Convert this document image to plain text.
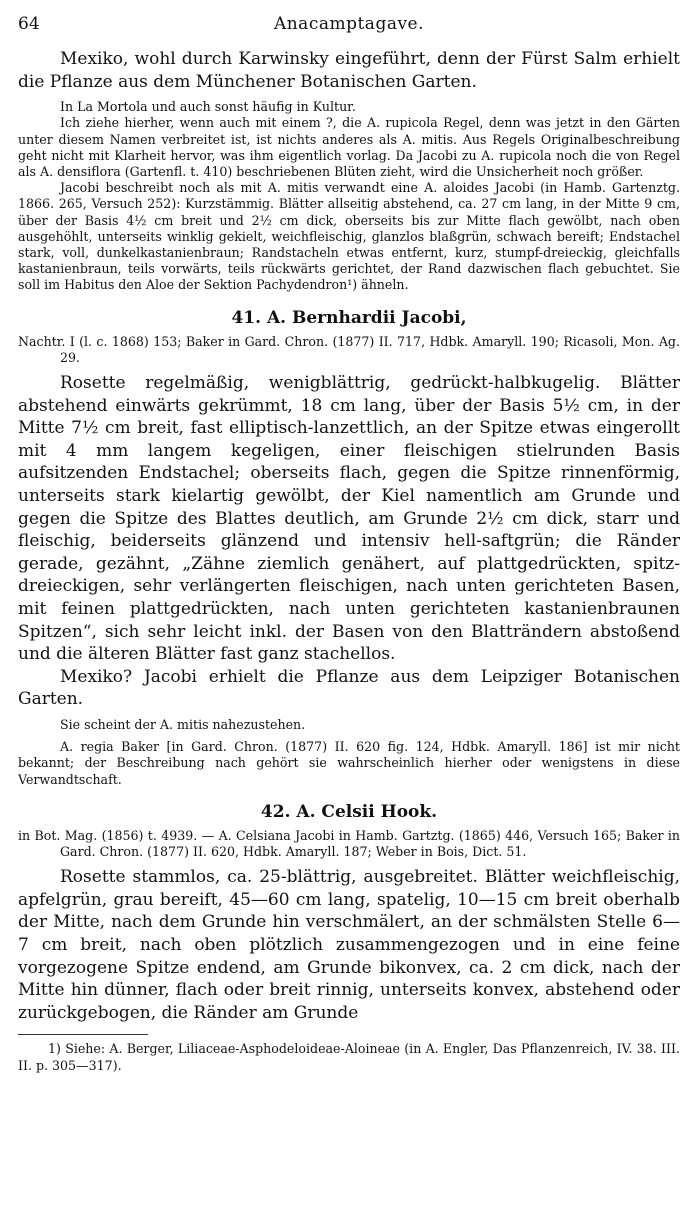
64	Anacamptagave.

Mexiko, wohl durch Karwinsky eingeführt, denn der Fürst Salm erhielt die Pflanze aus dem Münchener Botanischen Garten.

In La Mortola und auch sonst häufig in Kultur.

Ich ziehe hierher, wenn auch mit einem ?, die A. rupicola Regel, denn was jetzt in den Gärten unter diesem Namen verbreitet ist, ist nichts anderes als A. mitis. Aus Regels Originalbeschreibung geht nicht mit Klarheit hervor, was ihm eigentlich vorlag. Da Jacobi zu A. rupicola noch die von Regel als A. densiflora (Gartenfl. t. 410) beschriebenen Blüten zieht, wird die Unsicherheit noch größer.

Jacobi beschreibt noch als mit A. mitis verwandt eine A. aloides Jacobi (in Hamb. Gartenztg. 1866. 265, Versuch 252): Kurzstämmig. Blätter allseitig abstehend, ca. 27 cm lang, in der Mitte 9 cm, über der Basis 4½ cm breit und 2½ cm dick, oberseits bis zur Mitte flach gewölbt, nach oben ausgehöhlt, unterseits winklig gekielt, weichfleischig, glanzlos blaßgrün, schwach bereift; Endstachel stark, voll, dunkelkastanienbraun; Randstacheln etwas entfernt, kurz, stumpf-dreieckig, gleichfalls kastanienbraun, teils vorwärts, teils rückwärts gerichtet, der Rand dazwischen flach gebuchtet. Sie soll im Habitus den Aloe der Sektion Pachydendron¹) ähneln.

41. A. Bernhardii Jacobi,

Nachtr. I (l. c. 1868) 153; Baker in Gard. Chron. (1877) II. 717, Hdbk. Amaryll. 190; Ricasoli, Mon. Ag. 29.

Rosette regelmäßig, wenigblättrig, gedrückt-halbkugelig. Blätter abstehend einwärts gekrümmt, 18 cm lang, über der Basis 5½ cm, in der Mitte 7½ cm breit, fast elliptisch-lanzettlich, an der Spitze etwas eingerollt mit 4 mm langem kegeligen, einer fleischigen stielrunden Basis aufsitzenden Endstachel; oberseits flach, gegen die Spitze rinnenförmig, unterseits stark kielartig gewölbt, der Kiel namentlich am Grunde und gegen die Spitze des Blattes deutlich, am Grunde 2½ cm dick, starr und fleischig, beiderseits glänzend und intensiv hell-saftgrün; die Ränder gerade, gezähnt, „Zähne ziemlich genähert, auf plattgedrückten, spitz-dreieckigen, sehr verlängerten fleischigen, nach unten gerichteten Basen, mit feinen plattgedrückten, nach unten gerichteten kastanienbraunen Spitzen“, sich sehr leicht inkl. der Basen von den Blatträndern abstoßend und die älteren Blätter fast ganz stachellos.

Mexiko? Jacobi erhielt die Pflanze aus dem Leipziger Botanischen Garten.

Sie scheint der A. mitis nahezustehen.

A. regia Baker [in Gard. Chron. (1877) II. 620 fig. 124, Hdbk. Amaryll. 186] ist mir nicht bekannt; der Beschreibung nach gehört sie wahrscheinlich hierher oder wenigstens in diese Verwandtschaft.

42. A. Celsii Hook.

in Bot. Mag. (1856) t. 4939. — A. Celsiana Jacobi in Hamb. Gartztg. (1865) 446, Versuch 165; Baker in Gard. Chron. (1877) II. 620, Hdbk. Amaryll. 187; Weber in Bois, Dict. 51.

Rosette stammlos, ca. 25-blättrig, ausgebreitet. Blätter weichfleischig, apfelgrün, grau bereift, 45—60 cm lang, spatelig, 10—15 cm breit oberhalb der Mitte, nach dem Grunde hin verschmälert, an der schmälsten Stelle 6—7 cm breit, nach oben plötzlich zusammengezogen und in eine feine vorgezogene Spitze endend, am Grunde bikonvex, ca. 2 cm dick, nach der Mitte hin dünner, flach oder breit rinnig, unterseits konvex, abstehend oder zurückgebogen, die Ränder am Grunde

1) Siehe: A. Berger, Liliaceae-Asphodeloideae-Aloineae (in A. Engler, Das Pflanzenreich, IV. 38. III. II. p. 305—317).
